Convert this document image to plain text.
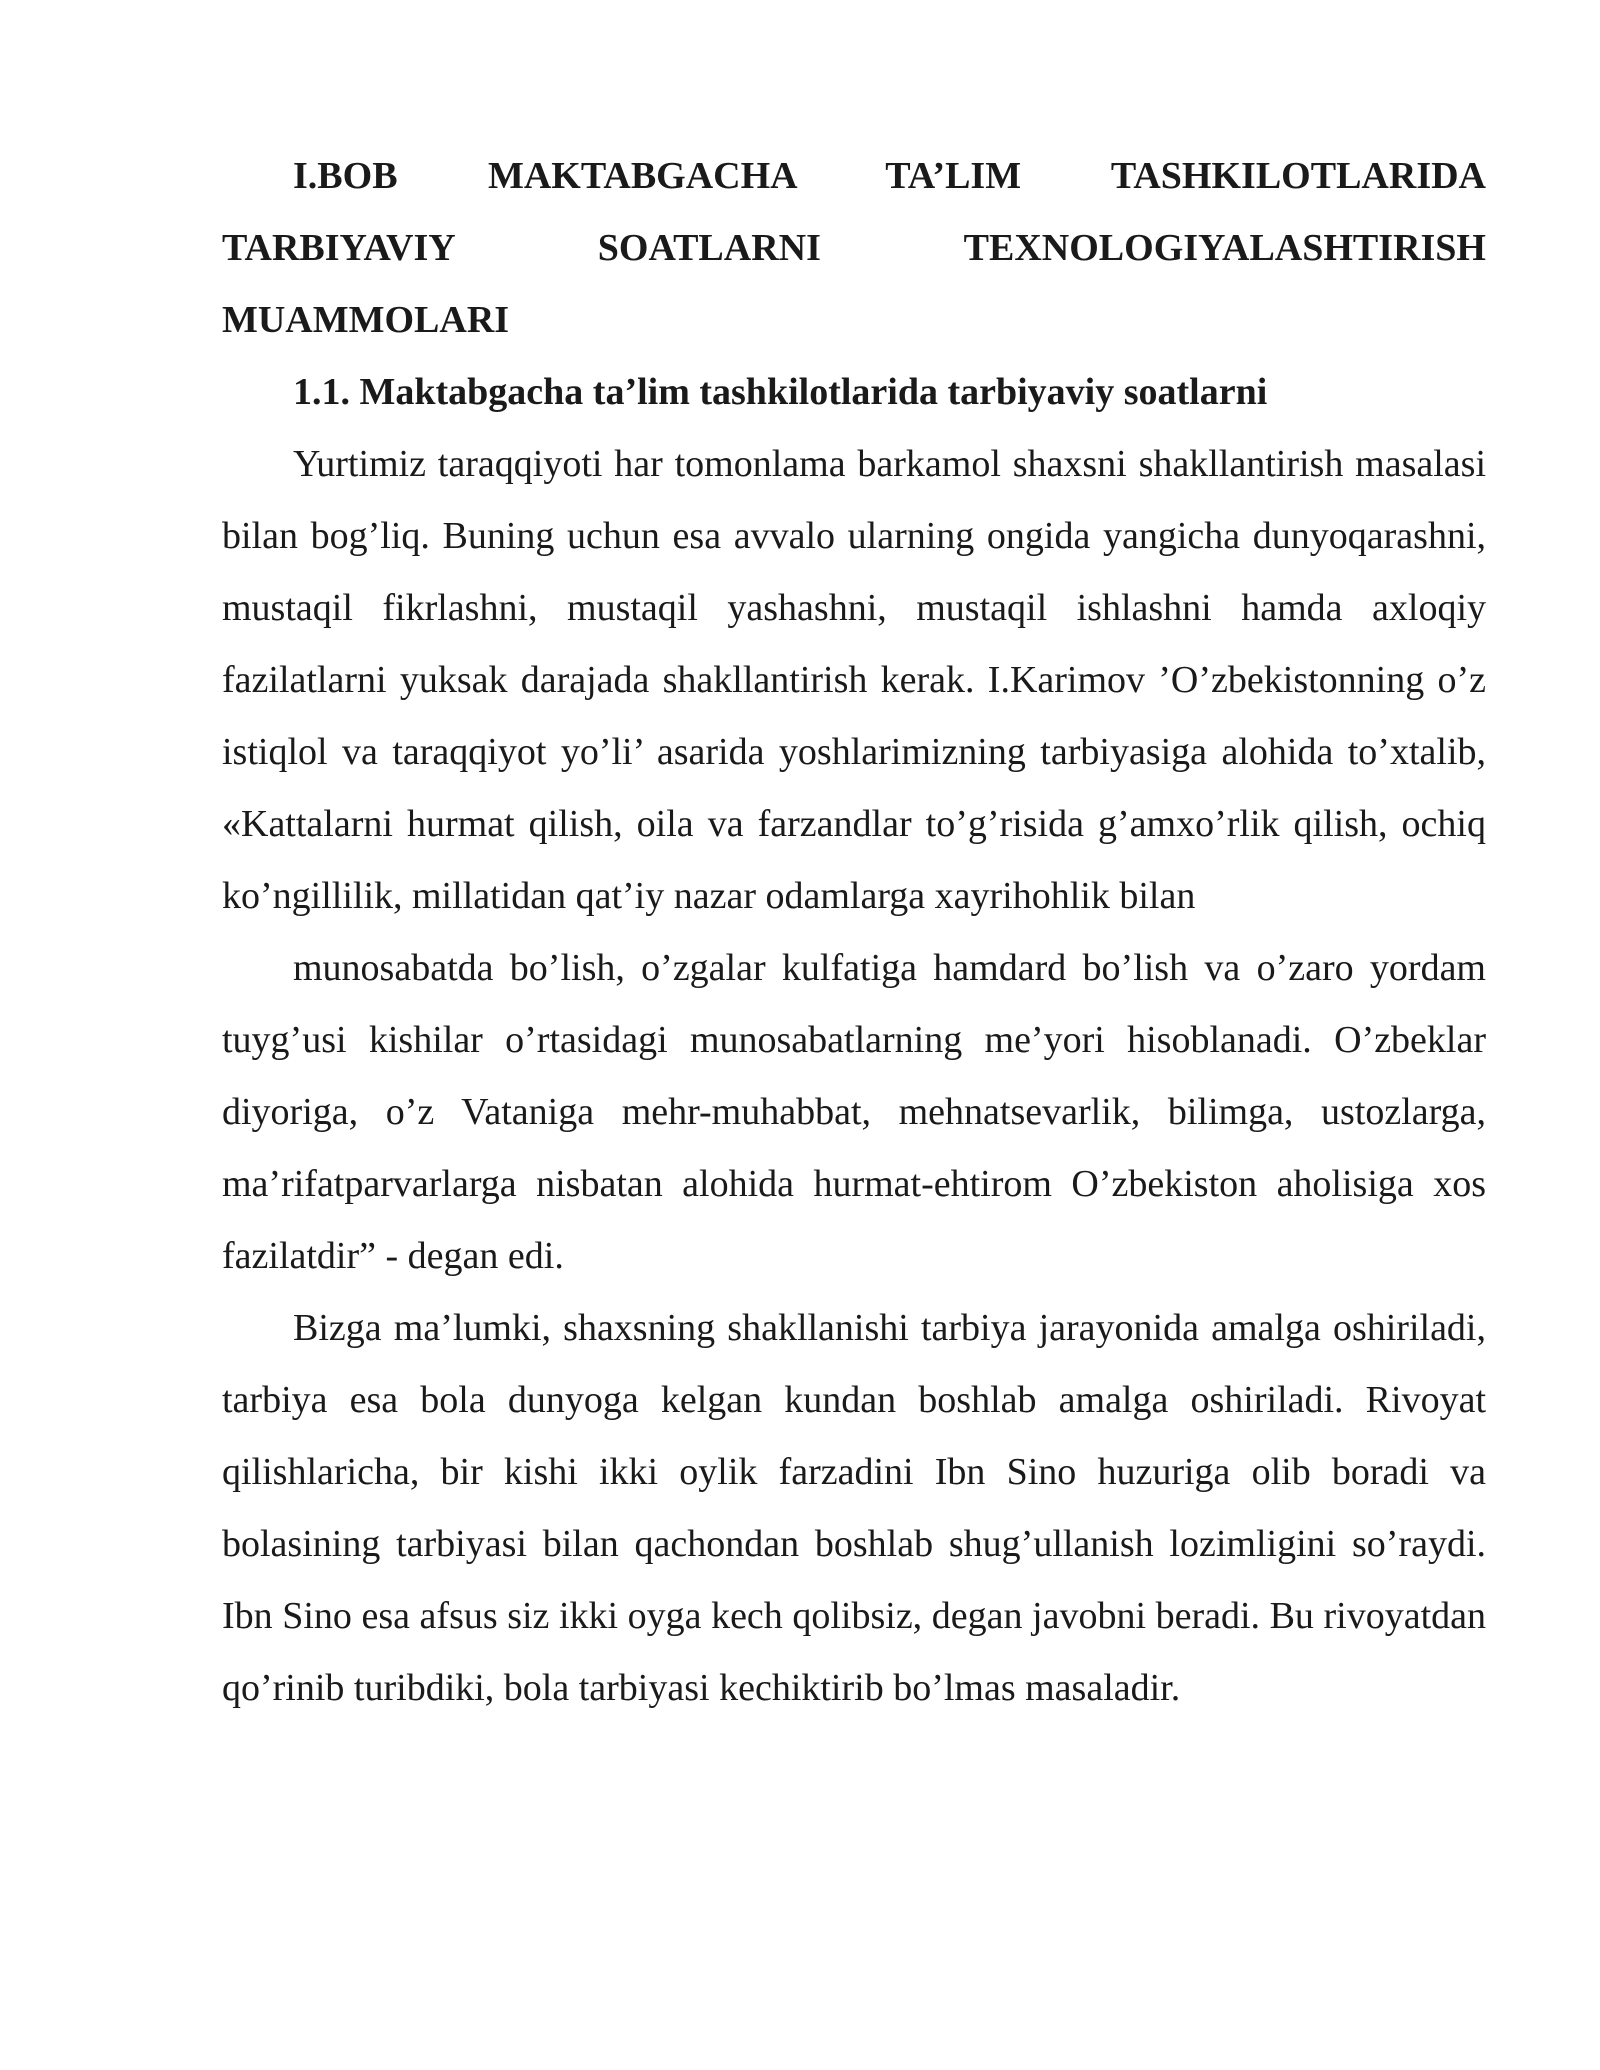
I.BOB MAKTABGACHA TA’LIM TASHKILOTLARIDA
TARBIYAVIY SOATLARNI TEXNOLOGIYALASHTIRISH
MUAMMOLARI

1.1. Maktabgacha ta’lim tashkilotlarida tarbiyaviy soatlarni

Yurtimiz taraqqiyoti har tomonlama barkamol shaxsni shakllantirish masalasi bilan bog’liq. Buning uchun esa avvalo ularning ongida yangicha dunyoqarashni, mustaqil fikrlashni, mustaqil yashashni, mustaqil ishlashni hamda axloqiy fazilatlarni yuksak darajada shakllantirish kerak. I.Karimov ’O’zbekistonning o’z istiqlol va taraqqiyot yo’li’ asarida yoshlarimizning tarbiyasiga alohida to’xtalib, «Kattalarni hurmat qilish, oila va farzandlar to’g’risida g’amxo’rlik qilish, ochiq ko’ngillilik, millatidan qat’iy nazar odamlarga xayrihohlik bilan

munosabatda bo’lish, o’zgalar kulfatiga hamdard bo’lish va o’zaro yordam tuyg’usi kishilar o’rtasidagi munosabatlarning me’yori hisoblanadi. O’zbeklar diyoriga, o’z Vataniga mehr-muhabbat, mehnatsevarlik, bilimga, ustozlarga, ma’rifatparvarlarga nisbatan alohida hurmat-ehtirom O’zbekiston aholisiga xos fazilatdir” - degan edi.

Bizga ma’lumki, shaxsning shakllanishi tarbiya jarayonida amalga oshiriladi, tarbiya esa bola dunyoga kelgan kundan boshlab amalga oshiriladi. Rivoyat qilishlaricha, bir kishi ikki oylik farzadini Ibn Sino huzuriga olib boradi va bolasining tarbiyasi bilan qachondan boshlab shug’ullanish lozimligini so’raydi. Ibn Sino esa afsus siz ikki oyga kech qolibsiz, degan javobni beradi. Bu rivoyatdan qo’rinib turibdiki, bola tarbiyasi kechiktirib bo’lmas masaladir.
